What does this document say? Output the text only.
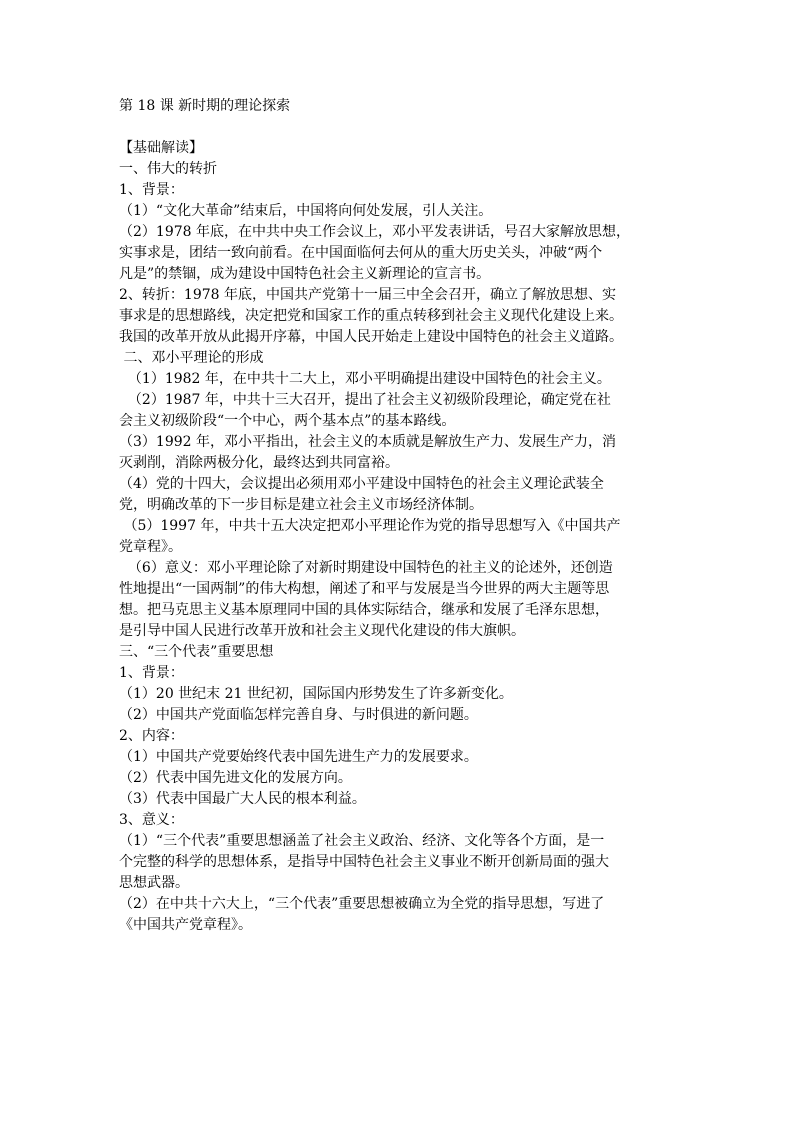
第 18 课 新时期的理论探索

【基础解读】

一、伟大的转折

1、背景：

（1）“文化大革命”结束后，中国将向何处发展，引人关注。

（2）1978 年底，在中共中央工作会议上，邓小平发表讲话，号召大家解放思想，

实事求是，团结一致向前看。在中国面临何去何从的重大历史关头，冲破“两个

凡是”的禁锢，成为建设中国特色社会主义新理论的宣言书。

2、转折：1978 年底，中国共产党第十一届三中全会召开，确立了解放思想、实

事求是的思想路线，决定把党和国家工作的重点转移到社会主义现代化建设上来。

我国的改革开放从此揭开序幕，中国人民开始走上建设中国特色的社会主义道路。

二、邓小平理论的形成

（1）1982 年，在中共十二大上，邓小平明确提出建设中国特色的社会主义。

（2）1987 年，中共十三大召开，提出了社会主义初级阶段理论，确定党在社

会主义初级阶段“一个中心，两个基本点”的基本路线。

（3）1992 年，邓小平指出，社会主义的本质就是解放生产力、发展生产力，消

灭剥削，消除两极分化，最终达到共同富裕。

（4）党的十四大，会议提出必须用邓小平建设中国特色的社会主义理论武装全

党，明确改革的下一步目标是建立社会主义市场经济体制。

（5）1997 年，中共十五大决定把邓小平理论作为党的指导思想写入《中国共产

党章程》。

（6）意义：邓小平理论除了对新时期建设中国特色的社主义的论述外，还创造

性地提出“一国两制”的伟大构想，阐述了和平与发展是当今世界的两大主题等思

想。把马克思主义基本原理同中国的具体实际结合，继承和发展了毛泽东思想，

是引导中国人民进行改革开放和社会主义现代化建设的伟大旗帜。

三、“三个代表”重要思想

1、背景：

（1）20 世纪末 21 世纪初，国际国内形势发生了许多新变化。

（2）中国共产党面临怎样完善自身、与时俱进的新问题。

2、内容：

（1）中国共产党要始终代表中国先进生产力的发展要求。

（2）代表中国先进文化的发展方向。

（3）代表中国最广大人民的根本利益。

3、意义：

（1）“三个代表”重要思想涵盖了社会主义政治、经济、文化等各个方面，是一

个完整的科学的思想体系，是指导中国特色社会主义事业不断开创新局面的强大

思想武器。

（2）在中共十六大上，“三个代表”重要思想被确立为全党的指导思想，写进了

《中国共产党章程》。
